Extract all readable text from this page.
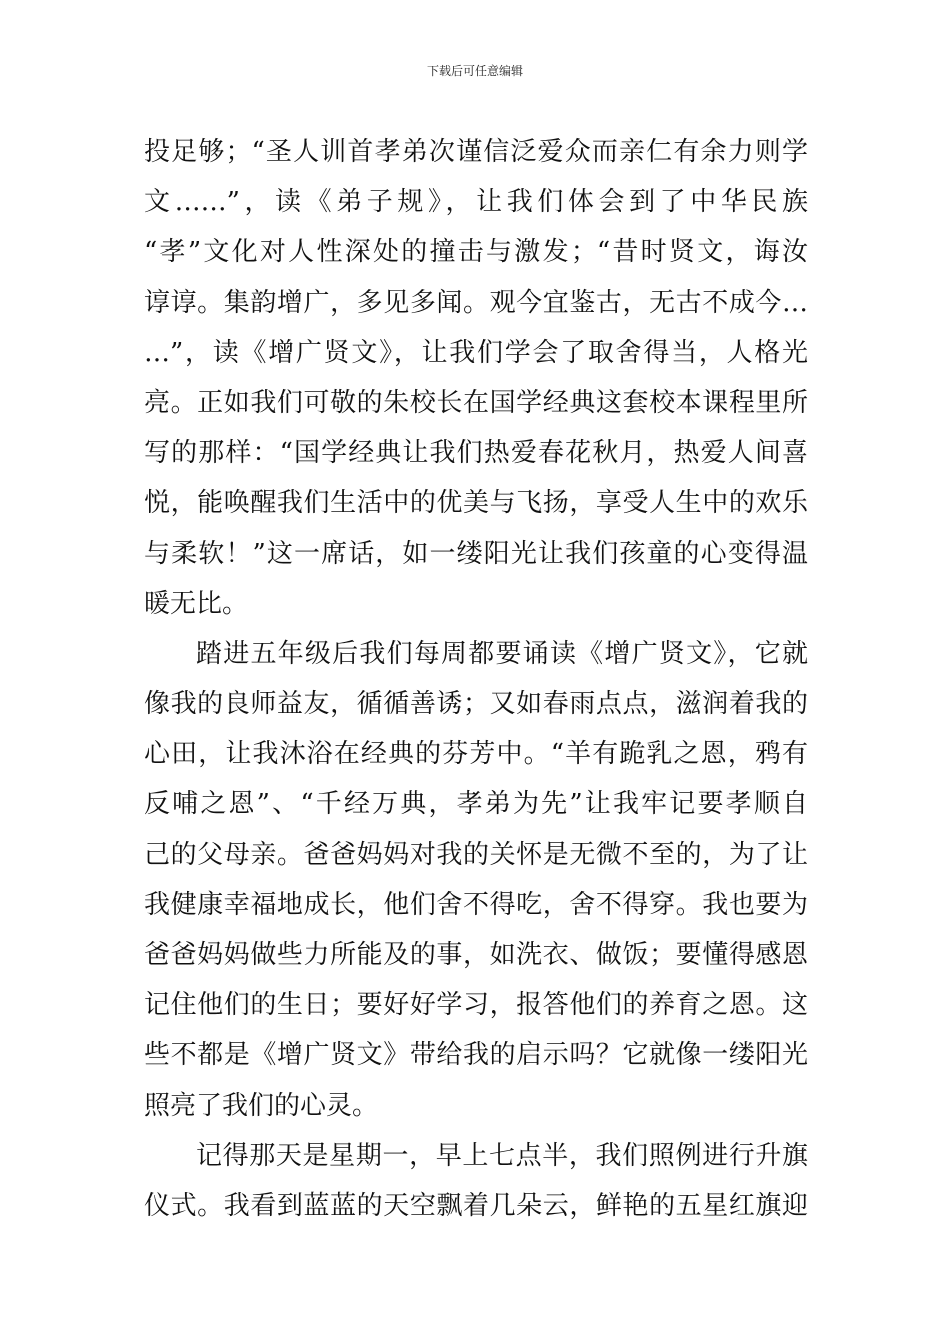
下载后可任意编辑
投足够；“圣人训首孝弟次谨信泛爱众而亲仁有余力则学
文……”，读《弟子规》，让我们体会到了中华民族
“孝”文化对人性深处的撞击与激发；“昔时贤文，诲汝
谆谆。集韵增广，多见多闻。观今宜鉴古，无古不成今…
…”，读《增广贤文》，让我们学会了取舍得当，人格光
亮。正如我们可敬的朱校长在国学经典这套校本课程里所
写的那样：“国学经典让我们热爱春花秋月，热爱人间喜
悦，能唤醒我们生活中的优美与飞扬，享受人生中的欢乐
与柔软！”这一席话，如一缕阳光让我们孩童的心变得温
暖无比。
踏进五年级后我们每周都要诵读《增广贤文》，它就
像我的良师益友，循循善诱；又如春雨点点，滋润着我的
心田，让我沐浴在经典的芬芳中。“羊有跪乳之恩，鸦有
反哺之恩”、“千经万典，孝弟为先”让我牢记要孝顺自
己的父母亲。爸爸妈妈对我的关怀是无微不至的，为了让
我健康幸福地成长，他们舍不得吃，舍不得穿。我也要为
爸爸妈妈做些力所能及的事，如洗衣、做饭；要懂得感恩
记住他们的生日；要好好学习，报答他们的养育之恩。这
些不都是《增广贤文》带给我的启示吗？它就像一缕阳光
照亮了我们的心灵。
记得那天是星期一，早上七点半，我们照例进行升旗
仪式。我看到蓝蓝的天空飘着几朵云，鲜艳的五星红旗迎
